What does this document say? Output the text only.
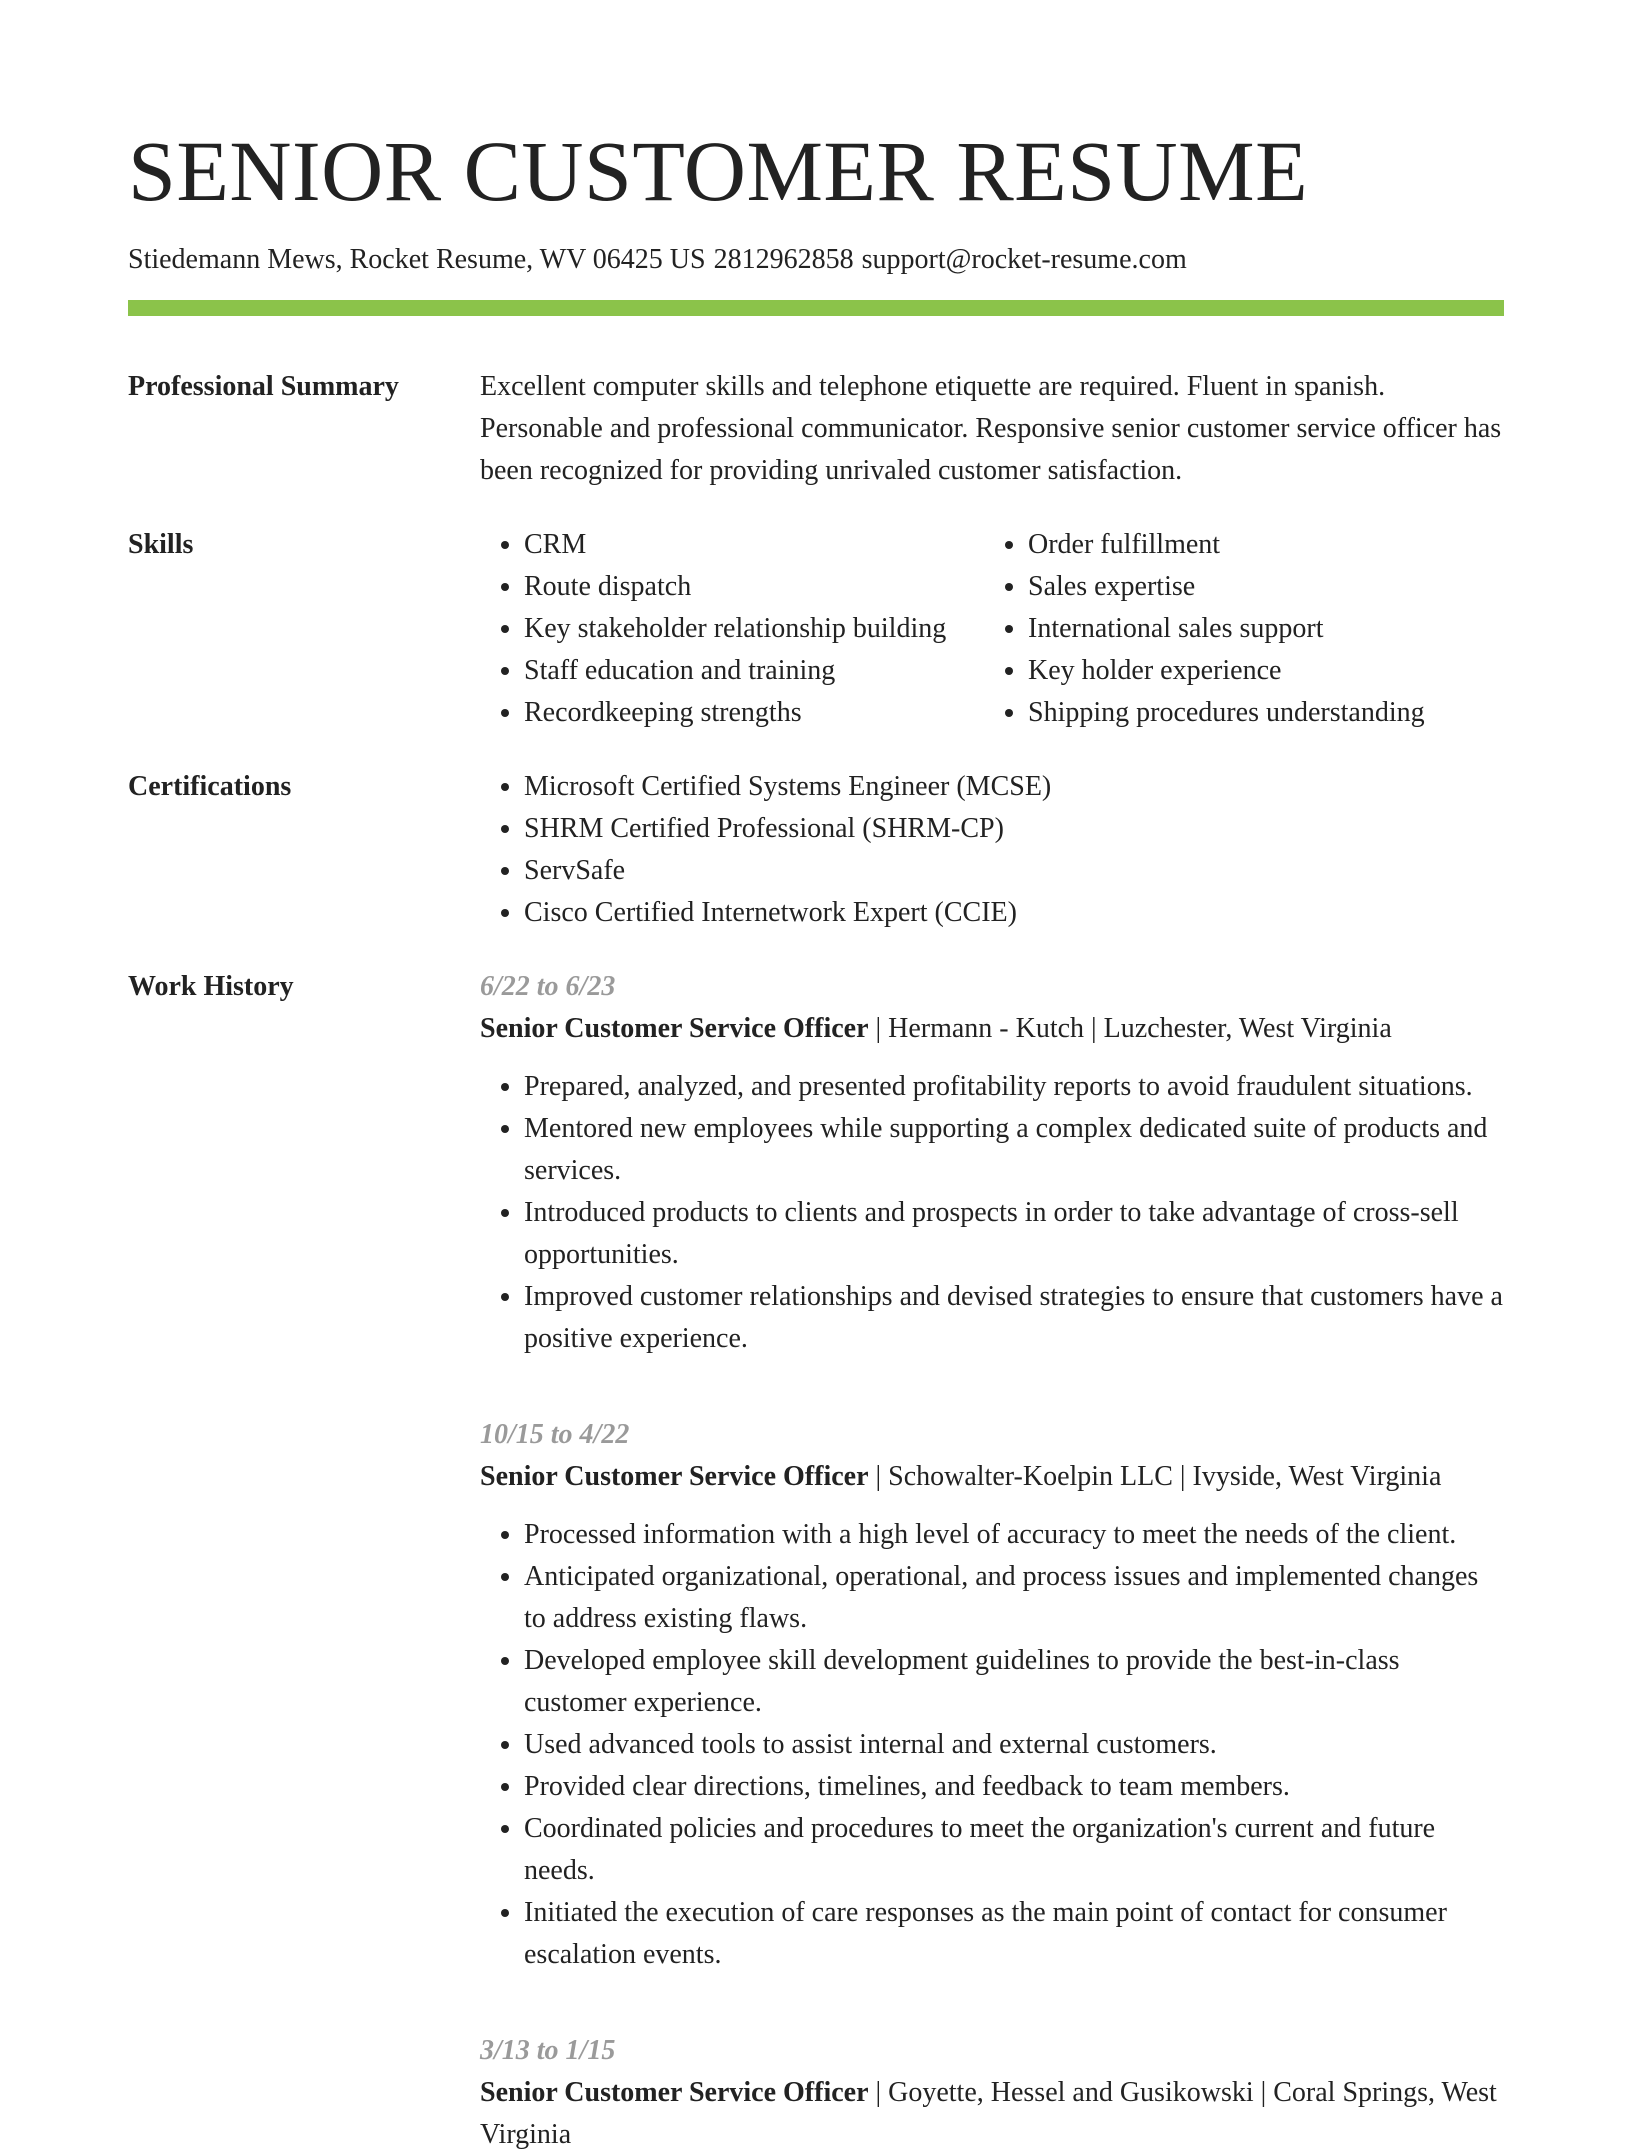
SENIOR CUSTOMER RESUME
Stiedemann Mews, Rocket Resume, WV 06425 US 2812962858 support@rocket-resume.com
Professional Summary	Excellent computer skills and telephone etiquette are required. Fluent in spanish. Personable and professional communicator. Responsive senior customer service officer has been recognized for providing unrivaled customer satisfaction.

Skills	• CRM
• Route dispatch
• Key stakeholder relationship building
• Staff education and training
• Recordkeeping strengths
• Order fulfillment
• Sales expertise
• International sales support
• Key holder experience
• Shipping procedures understanding
Certifications	• Microsoft Certified Systems Engineer (MCSE)
• SHRM Certified Professional (SHRM-CP)
• ServSafe
• Cisco Certified Internetwork Expert (CCIE)
Work History	6/22 to 6/23
Senior Customer Service Officer | Hermann - Kutch | Luzchester, West Virginia
• Prepared, analyzed, and presented profitability reports to avoid fraudulent situations.
• Mentored new employees while supporting a complex dedicated suite of products and services.
• Introduced products to clients and prospects in order to take advantage of cross-sell opportunities.
• Improved customer relationships and devised strategies to ensure that customers have a positive experience.
10/15 to 4/22
Senior Customer Service Officer | Schowalter-Koelpin LLC | Ivyside, West Virginia
• Processed information with a high level of accuracy to meet the needs of the client.
• Anticipated organizational, operational, and process issues and implemented changes to address existing flaws.
• Developed employee skill development guidelines to provide the best-in-class customer experience.
• Used advanced tools to assist internal and external customers.
• Provided clear directions, timelines, and feedback to team members.
• Coordinated policies and procedures to meet the organization's current and future needs.
• Initiated the execution of care responses as the main point of contact for consumer escalation events.
3/13 to 1/15
Senior Customer Service Officer | Goyette, Hessel and Gusikowski | Coral Springs, West Virginia
